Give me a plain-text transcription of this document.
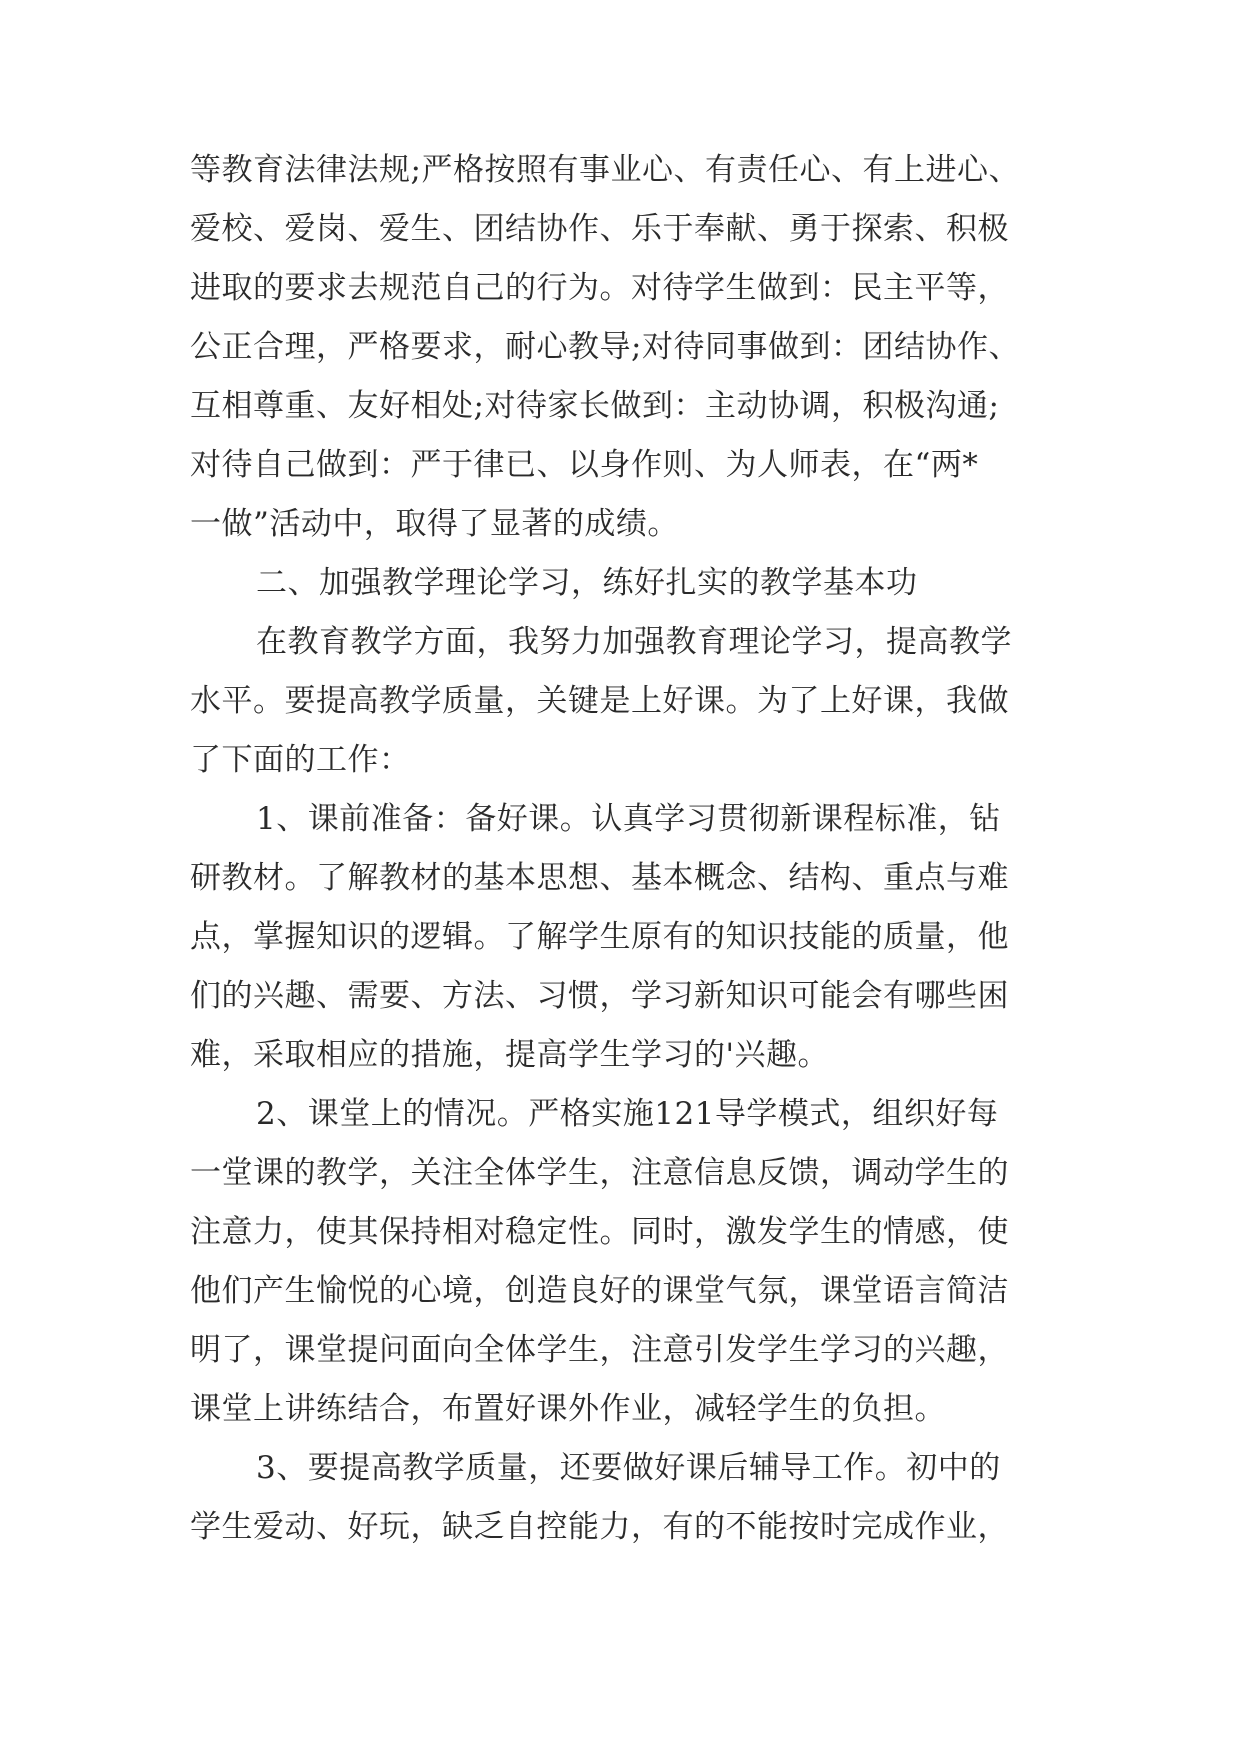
等教育法律法规;严格按照有事业心、有责任心、有上进心、
爱校、爱岗、爱生、团结协作、乐于奉献、勇于探索、积极
进取的要求去规范自己的行为。对待学生做到：民主平等，
公正合理，严格要求，耐心教导;对待同事做到：团结协作、
互相尊重、友好相处;对待家长做到：主动协调，积极沟通;
对待自己做到：严于律已、以身作则、为人师表，在“两*
一做”活动中，取得了显著的成绩。
二、加强教学理论学习，练好扎实的教学基本功
在教育教学方面，我努力加强教育理论学习，提高教学
水平。要提高教学质量，关键是上好课。为了上好课，我做
了下面的工作：
1、课前准备：备好课。认真学习贯彻新课程标准，钻
研教材。了解教材的基本思想、基本概念、结构、重点与难
点，掌握知识的逻辑。了解学生原有的知识技能的质量，他
们的兴趣、需要、方法、习惯，学习新知识可能会有哪些困
难，采取相应的措施，提高学生学习的'兴趣。
2、课堂上的情况。严格实施121导学模式，组织好每
一堂课的教学，关注全体学生，注意信息反馈，调动学生的
注意力，使其保持相对稳定性。同时，激发学生的情感，使
他们产生愉悦的心境，创造良好的课堂气氛，课堂语言简洁
明了，课堂提问面向全体学生，注意引发学生学习的兴趣，
课堂上讲练结合，布置好课外作业，减轻学生的负担。
3、要提高教学质量，还要做好课后辅导工作。初中的
学生爱动、好玩，缺乏自控能力，有的不能按时完成作业，
